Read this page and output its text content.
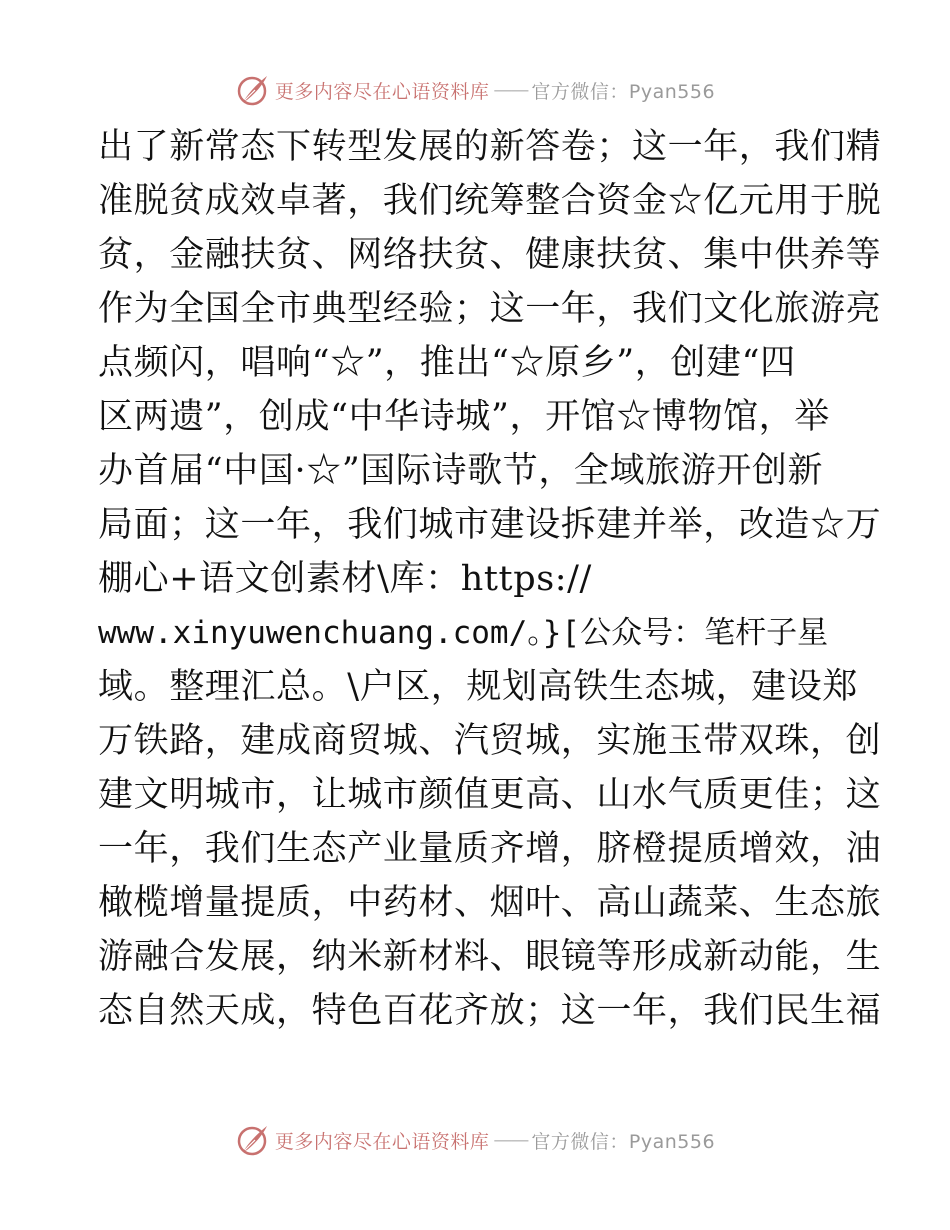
更多内容尽在心语资料库 —— 官方微信：Pyan556
出了新常态下转型发展的新答卷；这一年，我们精
准脱贫成效卓著，我们统筹整合资金☆亿元用于脱
贫，金融扶贫、网络扶贫、健康扶贫、集中供养等
作为全国全市典型经验；这一年，我们文化旅游亮
点频闪，唱响“☆”，推出“☆原乡”，创建“四
区两遗”，创成“中华诗城”，开馆☆博物馆，举
办首届“中国·☆”国际诗歌节，全域旅游开创新
局面；这一年，我们城市建设拆建并举，改造☆万
棚心+语文创素材\库：https://
www.xinyuwenchuang.com/。}[公众号：笔杆子星
域。整理汇总。\户区，规划高铁生态城，建设郑
万铁路，建成商贸城、汽贸城，实施玉带双珠，创
建文明城市，让城市颜值更高、山水气质更佳；这
一年，我们生态产业量质齐增，脐橙提质增效，油
橄榄增量提质，中药材、烟叶、高山蔬菜、生态旅
游融合发展，纳米新材料、眼镜等形成新动能，生
态自然天成，特色百花齐放；这一年，我们民生福
更多内容尽在心语资料库 —— 官方微信：Pyan556
